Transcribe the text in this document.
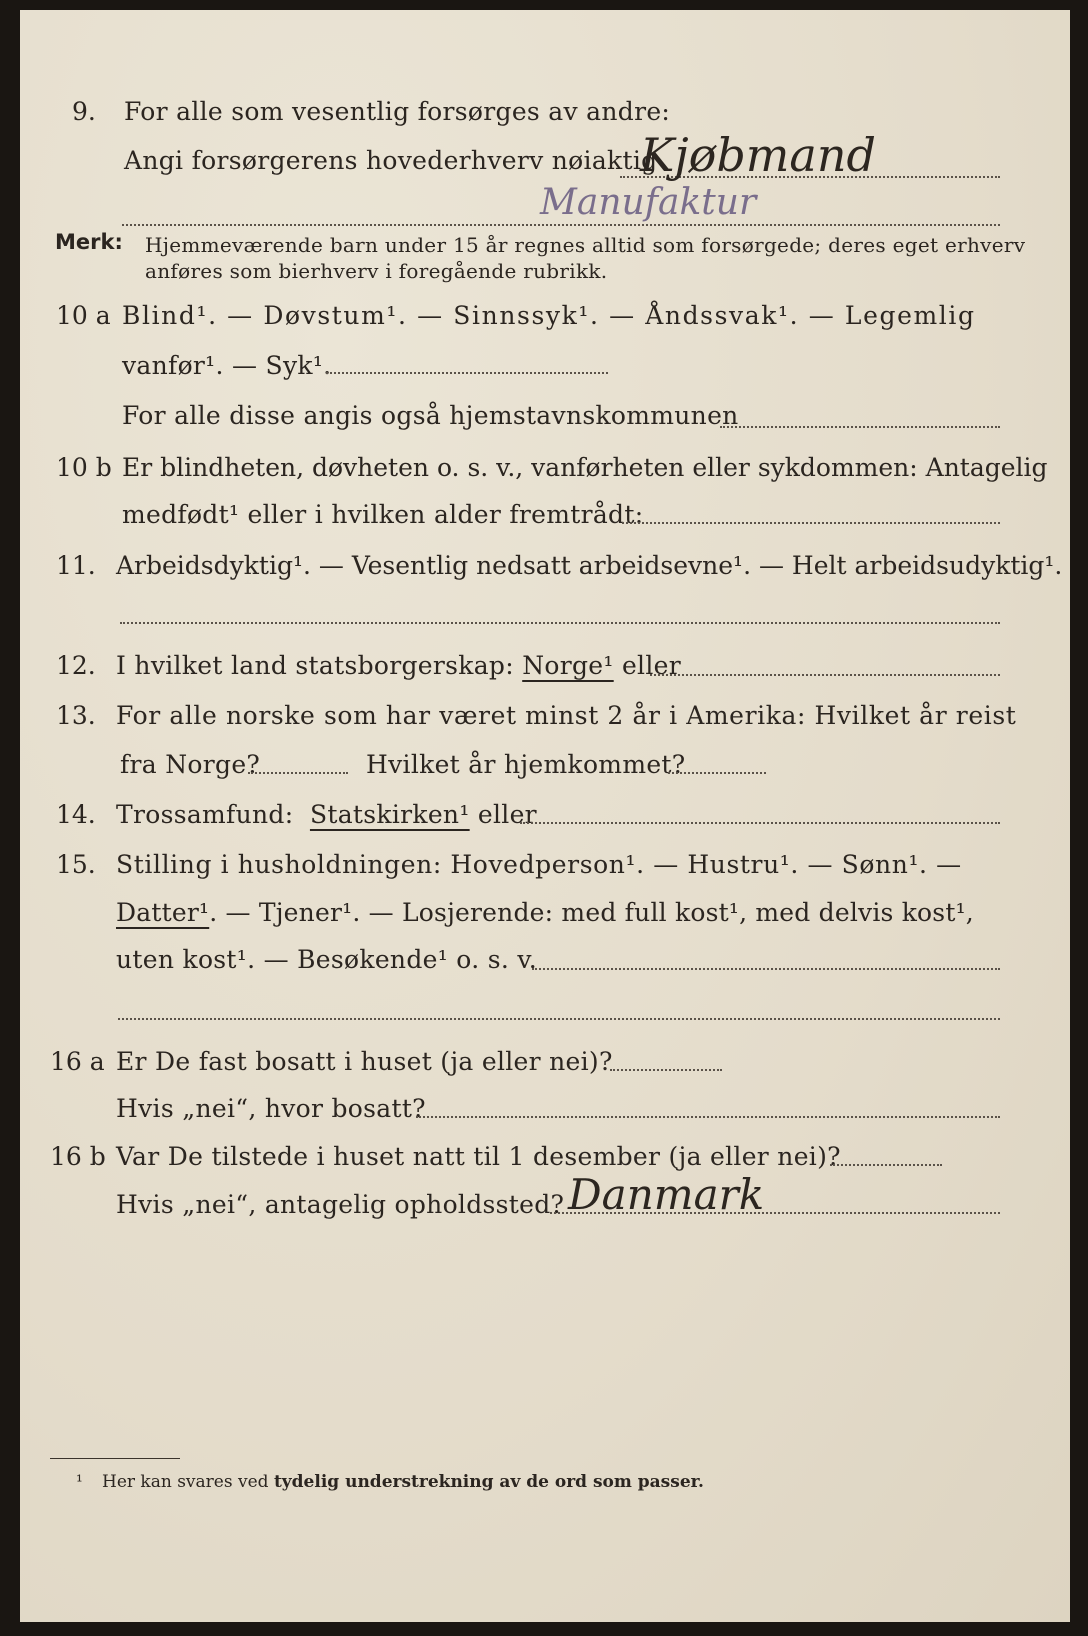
9. For alle som vesentlig forsørges av andre:
Angi forsørgerens hovederhverv nøiaktig
Kjøbmand
Manufaktur
Merk: Hjemmeværende barn under 15 år regnes alltid som forsørgede; deres eget erhverv
anføres som bierhverv i foregående rubrikk.
10 a Blind¹. — Døvstum¹. — Sinnssyk¹. — Åndssvak¹. — Legemlig
vanfør¹. — Syk¹.
For alle disse angis også hjemstavnskommunen
10 b Er blindheten, døvheten o. s. v., vanførheten eller sykdommen: Antagelig
medfødt¹ eller i hvilken alder fremtrådt:
11. Arbeidsdyktig¹. — Vesentlig nedsatt arbeidsevne¹. — Helt arbeidsudyktig¹.
12. I hvilket land statsborgerskap: Norge¹ eller
13. For alle norske som har været minst 2 år i Amerika: Hvilket år reist
fra Norge?	Hvilket år hjemkommet?
14. Trossamfund: Statskirken¹ eller
15. Stilling i husholdningen: Hovedperson¹. — Hustru¹. — Sønn¹. —
Datter¹. — Tjener¹. — Losjerende: med full kost¹, med delvis kost¹,
uten kost¹. — Besøkende¹ o. s. v.
16 a Er De fast bosatt i huset (ja eller nei)?
Hvis „nei“, hvor bosatt?
16 b Var De tilstede i huset natt til 1 desember (ja eller nei)?
Hvis „nei“, antagelig opholdssted? Danmark
¹ Her kan svares ved tydelig understrekning av de ord som passer.
